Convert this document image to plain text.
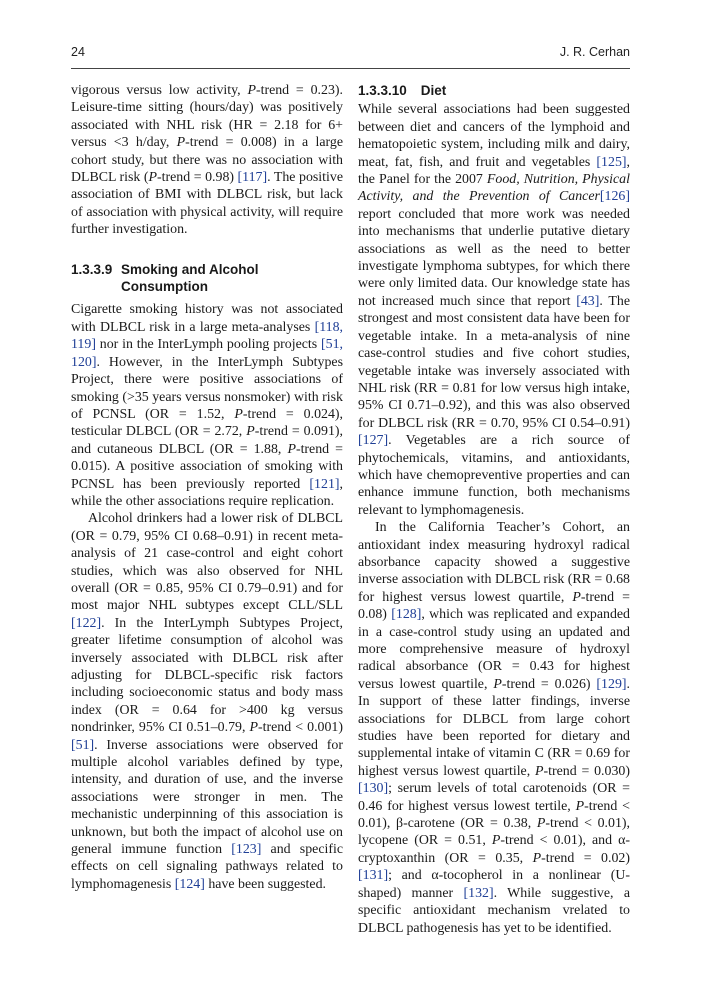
24	J. R. Cerhan

vigorous versus low activity, P-trend = 0.23). Leisure-time sitting (hours/day) was positively associated with NHL risk (HR = 2.18 for 6+ versus <3 h/day, P-trend = 0.008) in a large cohort study, but there was no association with DLBCL risk (P-trend = 0.98) [117]. The positive association of BMI with DLBCL risk, but lack of association with physical activity, will require further investigation.

1.3.3.9 Smoking and Alcohol Consumption

Cigarette smoking history was not associated with DLBCL risk in a large meta-analyses [118, 119] nor in the InterLymph pooling projects [51, 120]. However, in the InterLymph Subtypes Project, there were positive associations of smoking (>35 years versus nonsmoker) with risk of PCNSL (OR = 1.52, P-trend = 0.024), testicular DLBCL (OR = 2.72, P-trend = 0.091), and cutaneous DLBCL (OR = 1.88, P-trend = 0.015). A positive association of smoking with PCNSL has been previously reported [121], while the other associations require replication.

Alcohol drinkers had a lower risk of DLBCL (OR = 0.79, 95% CI 0.68–0.91) in recent meta-analysis of 21 case-control and eight cohort studies, which was also observed for NHL overall (OR = 0.85, 95% CI 0.79–0.91) and for most major NHL subtypes except CLL/SLL [122]. In the InterLymph Subtypes Project, greater lifetime consumption of alcohol was inversely associated with DLBCL risk after adjusting for DLBCL-specific risk factors including socioeconomic status and body mass index (OR = 0.64 for >400 kg versus nondrinker, 95% CI 0.51–0.79, P-trend < 0.001) [51]. Inverse associations were observed for multiple alcohol variables defined by type, intensity, and duration of use, and the inverse associations were stronger in men. The mechanistic underpinning of this association is unknown, but both the impact of alcohol use on general immune function [123] and specific effects on cell signaling pathways related to lymphomagenesis [124] have been suggested.

1.3.3.10 Diet

While several associations had been suggested between diet and cancers of the lymphoid and hematopoietic system, including milk and dairy, meat, fat, fish, and fruit and vegetables [125], the Panel for the 2007 Food, Nutrition, Physical Activity, and the Prevention of Cancer[126] report concluded that more work was needed into mechanisms that underlie putative dietary associations as well as the need to better investigate lymphoma subtypes, for which there were only limited data. Our knowledge state has not increased much since that report [43]. The strongest and most consistent data have been for vegetable intake. In a meta-analysis of nine case-control studies and five cohort studies, vegetable intake was inversely associated with NHL risk (RR = 0.81 for low versus high intake, 95% CI 0.71–0.92), and this was also observed for DLBCL risk (RR = 0.70, 95% CI 0.54–0.91) [127]. Vegetables are a rich source of phytochemicals, vitamins, and antioxidants, which have chemopreventive properties and can enhance immune function, both mechanisms relevant to lymphomagenesis.

In the California Teacher’s Cohort, an antioxidant index measuring hydroxyl radical absorbance capacity showed a suggestive inverse association with DLBCL risk (RR = 0.68 for highest versus lowest quartile, P-trend = 0.08) [128], which was replicated and expanded in a case-control study using an updated and more comprehensive measure of hydroxyl radical absorbance (OR = 0.43 for highest versus lowest quartile, P-trend = 0.026) [129]. In support of these latter findings, inverse associations for DLBCL from large cohort studies have been reported for dietary and supplemental intake of vitamin C (RR = 0.69 for highest versus lowest quartile, P-trend = 0.030) [130]; serum levels of total carotenoids (OR = 0.46 for highest versus lowest tertile, P-trend < 0.01), β-carotene (OR = 0.38, P-trend < 0.01), lycopene (OR = 0.51, P-trend < 0.01), and α-cryptoxanthin (OR = 0.35, P-trend = 0.02) [131]; and α-tocopherol in a nonlinear (U-shaped) manner [132]. While suggestive, a specific antioxidant mechanism vrelated to DLBCL pathogenesis has yet to be identified.
